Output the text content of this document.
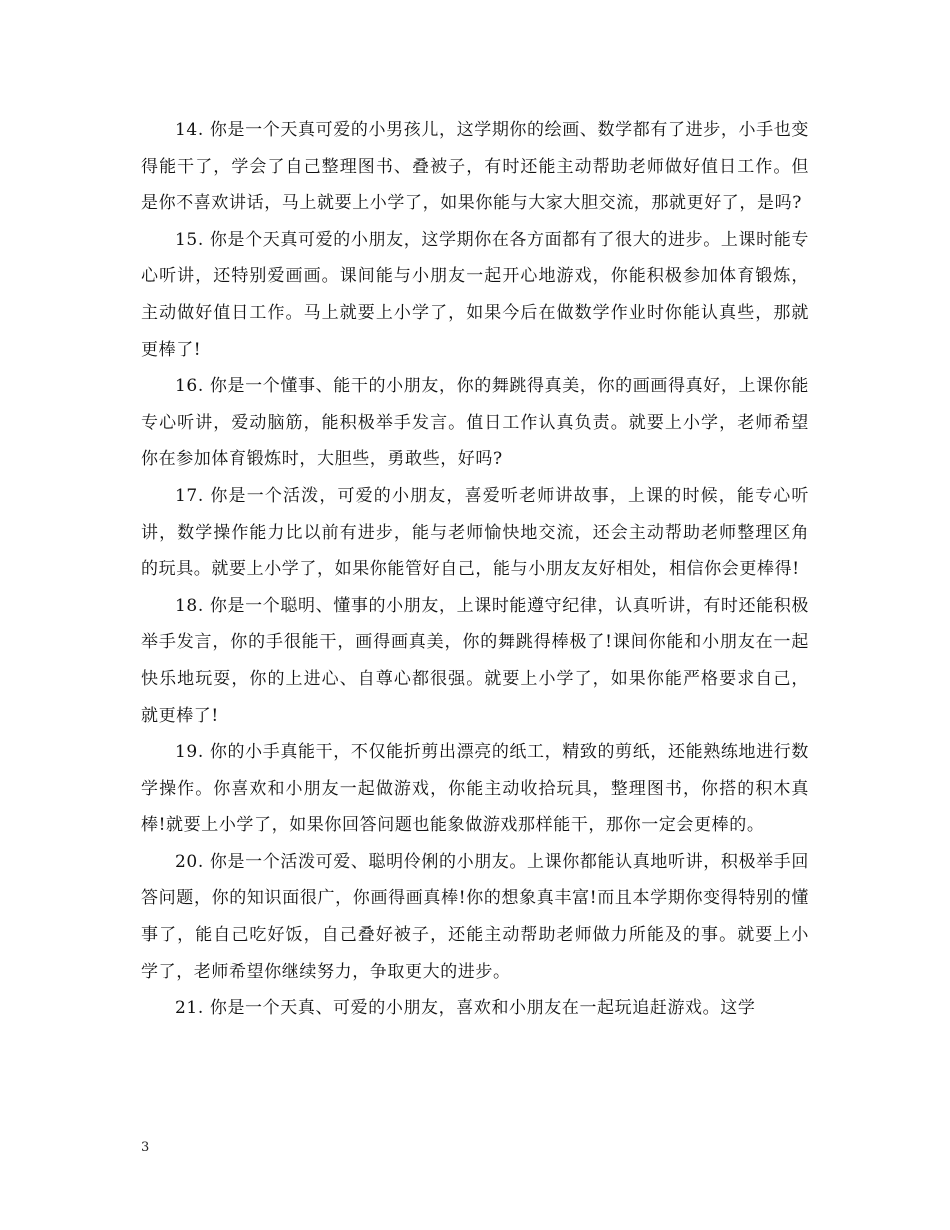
14. 你是一个天真可爱的小男孩儿，这学期你的绘画、数学都有了进步，小手也变得能干了，学会了自己整理图书、叠被子，有时还能主动帮助老师做好值日工作。但是你不喜欢讲话，马上就要上小学了，如果你能与大家大胆交流，那就更好了，是吗?

15. 你是个天真可爱的小朋友，这学期你在各方面都有了很大的进步。上课时能专心听讲，还特别爱画画。课间能与小朋友一起开心地游戏，你能积极参加体育锻炼，主动做好值日工作。马上就要上小学了，如果今后在做数学作业时你能认真些，那就更棒了!

16. 你是一个懂事、能干的小朋友，你的舞跳得真美，你的画画得真好，上课你能专心听讲，爱动脑筋，能积极举手发言。值日工作认真负责。就要上小学，老师希望你在参加体育锻炼时，大胆些，勇敢些，好吗?

17. 你是一个活泼，可爱的小朋友，喜爱听老师讲故事，上课的时候，能专心听讲，数学操作能力比以前有进步，能与老师愉快地交流，还会主动帮助老师整理区角的玩具。就要上小学了，如果你能管好自己，能与小朋友友好相处，相信你会更棒得!

18. 你是一个聪明、懂事的小朋友，上课时能遵守纪律，认真听讲，有时还能积极举手发言，你的手很能干，画得画真美，你的舞跳得棒极了!课间你能和小朋友在一起快乐地玩耍，你的上进心、自尊心都很强。就要上小学了，如果你能严格要求自己，就更棒了!

19. 你的小手真能干，不仅能折剪出漂亮的纸工，精致的剪纸，还能熟练地进行数学操作。你喜欢和小朋友一起做游戏，你能主动收拾玩具，整理图书，你搭的积木真棒!就要上小学了，如果你回答问题也能象做游戏那样能干，那你一定会更棒的。

20. 你是一个活泼可爱、聪明伶俐的小朋友。上课你都能认真地听讲，积极举手回答问题，你的知识面很广，你画得画真棒!你的想象真丰富!而且本学期你变得特别的懂事了，能自己吃好饭，自己叠好被子，还能主动帮助老师做力所能及的事。就要上小学了，老师希望你继续努力，争取更大的进步。

21. 你是一个天真、可爱的小朋友，喜欢和小朋友在一起玩追赶游戏。这学

3
